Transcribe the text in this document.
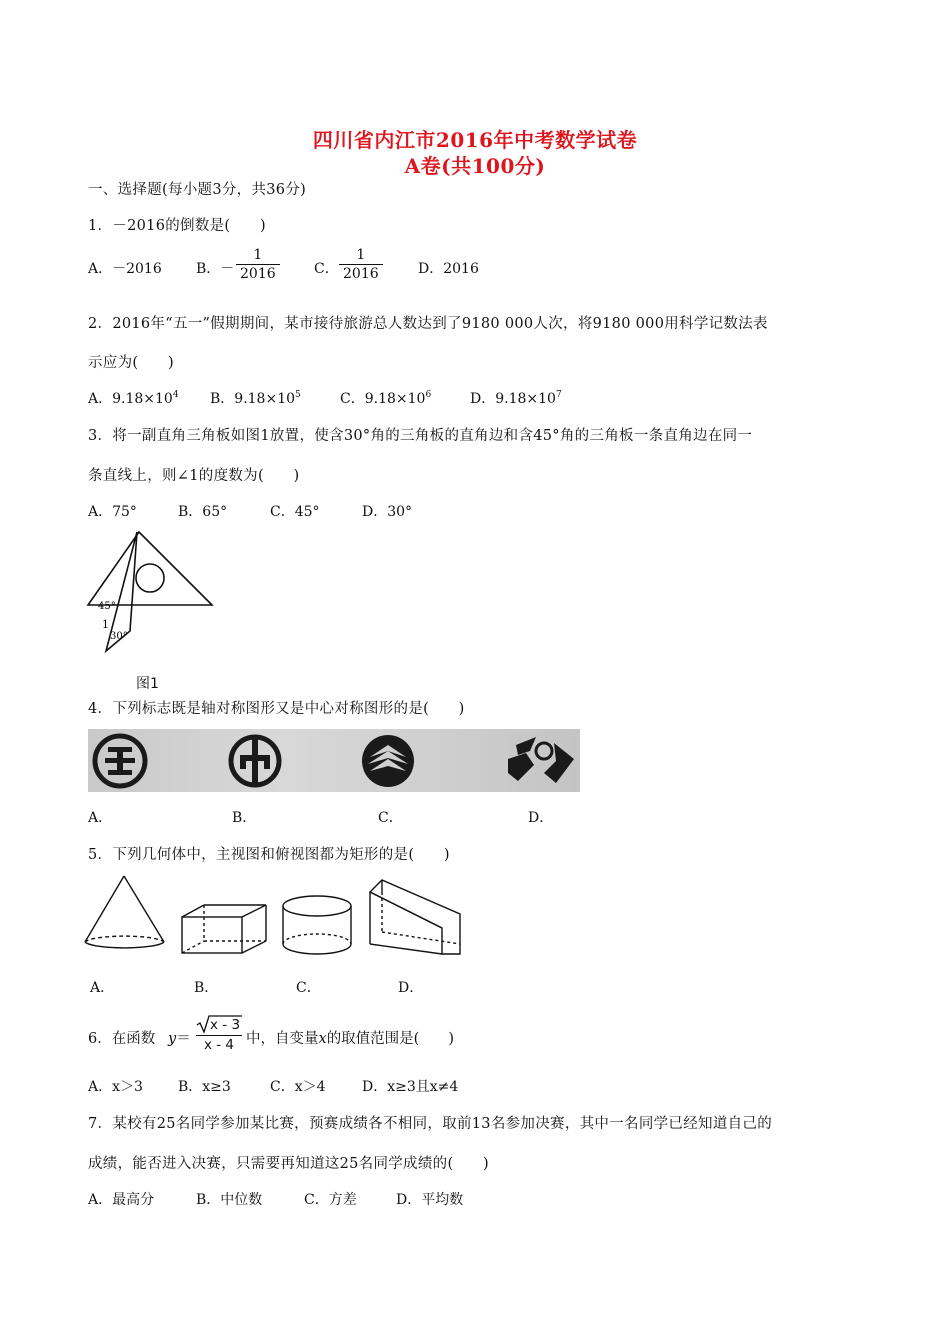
四川省内江市2016年中考数学试卷
A卷(共100分)
一、选择题(每小题3分，共36分)
1．－2016的倒数是(　　)
A．－2016 B．－
1
2016	C．
1
2016	D．2016
2．2016年“五一”假期期间，某市接待旅游总人数达到了9180 000人次，将9180 000用科学记数法表
示应为(　　)
A．$9.18\times 10^4$ B．$9.18\times 10^5$	C．$9.18\times 10^6$	D．$9.18\times 10^7$
3．将一副直角三角板如图1放置，使含30°角的三角板的直角边和含45°角的三角板一条直角边在同一
条直线上，则∠1的度数为(　　)
A．75°	B．65°	C．45°	D．30°
45°
1
30°
图1
4．下列标志既是轴对称图形又是中心对称图形的是(　　)
A．	B．	C．	D．
5．下列几何体中，主视图和俯视图都为矩形的是(　　)
A．	B．	C．	D．
6．在函数 y＝
x - 3
x - 4 中，自变量x的取值范围是(　　)
A．x＞3	B．x≥3	C．x＞4	D．x≥3且x≠4
7．某校有25名同学参加某比赛，预赛成绩各不相同，取前13名参加决赛，其中一名同学已经知道自己的
成绩，能否进入决赛，只需要再知道这25名同学成绩的(　　)
A．最高分	B．中位数	C．方差	D．平均数
